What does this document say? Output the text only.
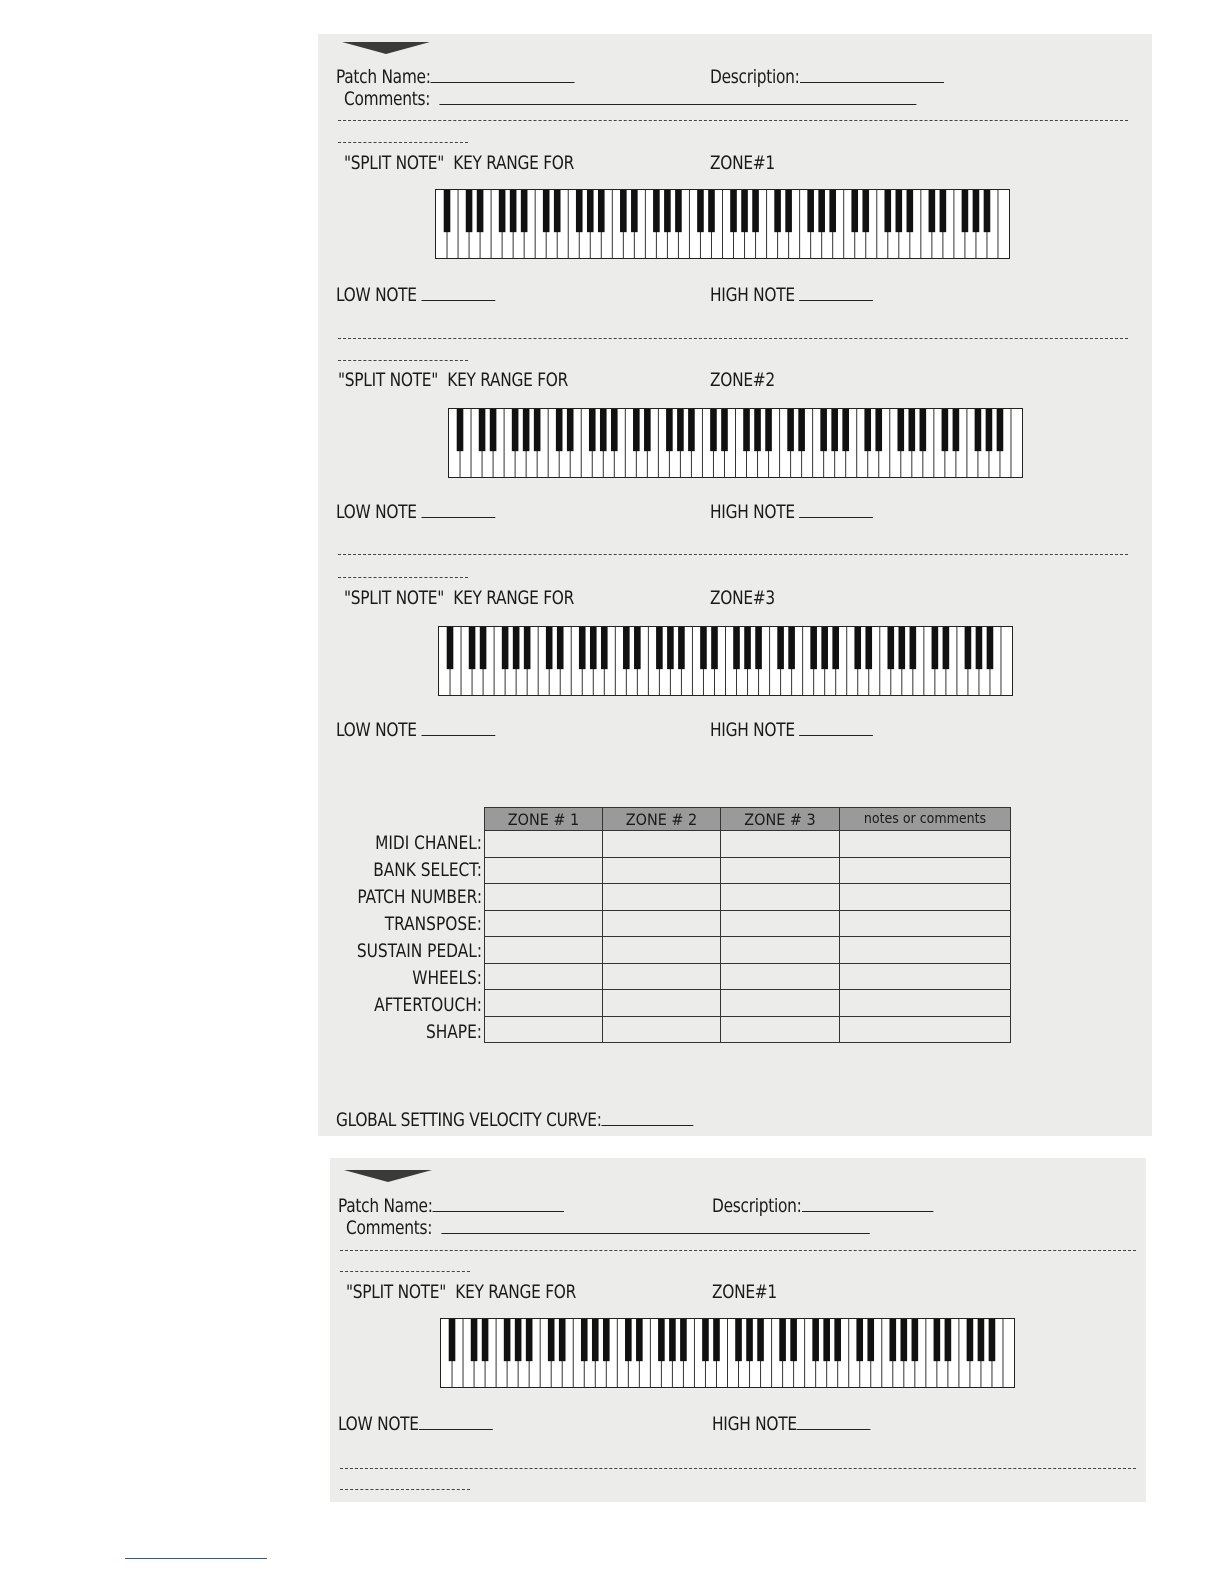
Patch Name:	Description:
Comments:
"SPLIT NOTE" KEY RANGE FOR	ZONE#1
LOW NOTE	HIGH NOTE
"SPLIT NOTE" KEY RANGE FOR	ZONE#2
LOW NOTE	HIGH NOTE
"SPLIT NOTE" KEY RANGE FOR	ZONE#3
LOW NOTE	HIGH NOTE
MIDI CHANEL:
BANK SELECT:
PATCH NUMBER:
TRANSPOSE:
SUSTAIN PEDAL:
WHEELS:
AFTERTOUCH:
SHAPE:
ZONE # 1	ZONE # 2	ZONE # 3	notes or comments

GLOBAL SETTING VELOCITY CURVE:
Patch Name:	Description:
Comments:
"SPLIT NOTE" KEY RANGE FOR	ZONE#1
LOW NOTE	HIGH NOTE
